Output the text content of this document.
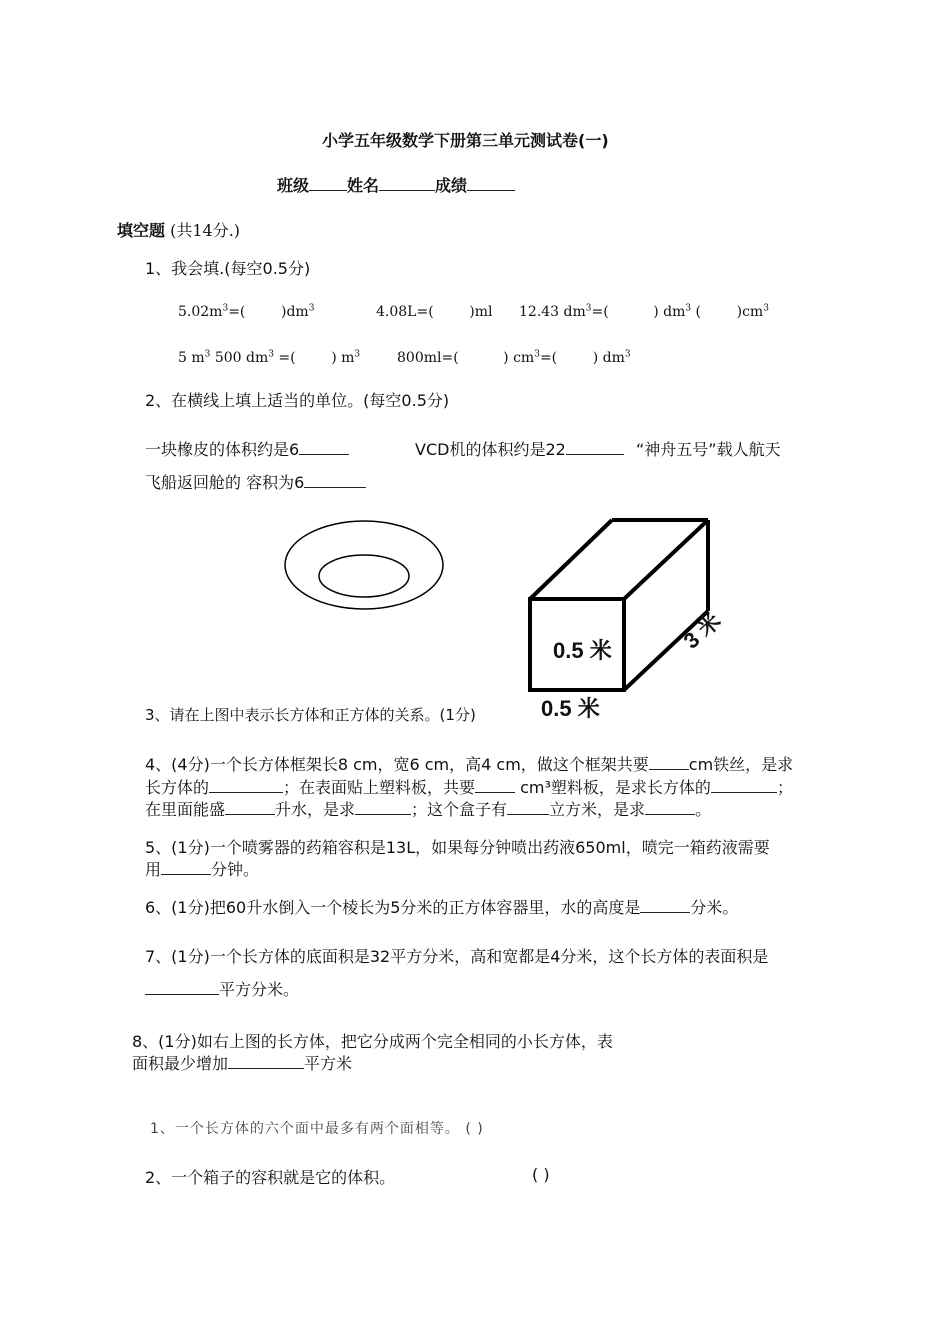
小学五年级数学下册第三单元测试卷(一)
班级 姓名	成绩
填空题 (共14分.)
1、我会填.(每空0.5分)
$5.02m^3=$(        )$dm^3$	4.08L=(        )ml 12.43 $dm^3=$(          ) $dm^3$ (        )$cm^3$
5 $m^3$ 500 $dm^3$ =(        ) $m^3$	800ml=(          ) $cm^3=$(        ) $dm^3$
2、在横线上填上适当的单位。(每空0.5分)
一块橡皮的体积约是6	VCD机的体积约是22	“神舟五号”载人航天
飞船返回舱的 容积为6
0.5 米
0.5 米
3 米
3、请在上图中表示长方体和正方体的关系。(1分)
4、(4分)一个长方体框架长8 cm，宽6 cm，高4 cm，做这个框架共要	cm铁丝，是求
长方体的	；在表面贴上塑料板，共要	cm³塑料板，是求长方体的	；
在里面能盛	升水，是求	；这个盒子有	立方米，是求	。
5、(1分)一个喷雾器的药箱容积是13L，如果每分钟喷出药液650ml，喷完一箱药液需要
用	分钟。
6、(1分)把60升水倒入一个棱长为5分米的正方体容器里，水的高度是	分米。
7、(1分)一个长方体的底面积是32平方分米，高和宽都是4分米，这个长方体的表面积是
平方分米。
8、(1分)如右上图的长方体，把它分成两个完全相同的小长方体，表
面积最少增加	平方米
1、一个长方体的六个面中最多有两个面相等。 ( )
2、一个箱子的容积就是它的体积。	( )
